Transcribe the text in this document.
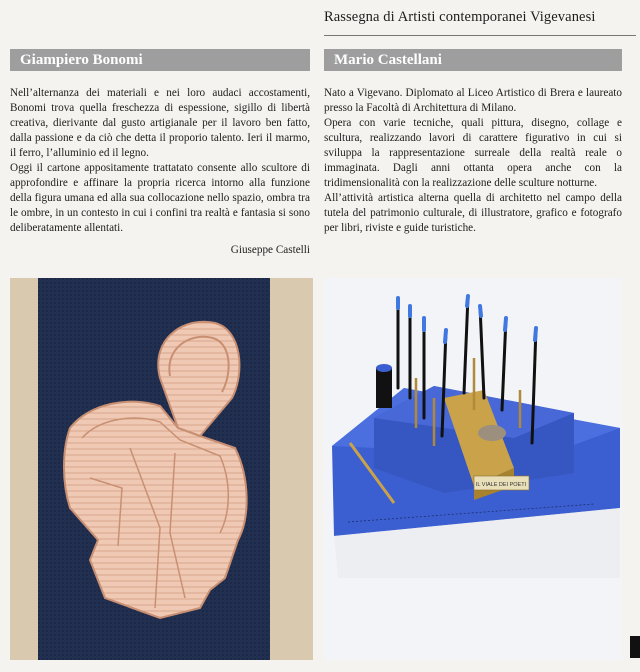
Rassegna di Artisti contemporanei Vigevanesi
Giampiero Bonomi	Mario Castellani

Nell’alternanza dei materiali e nei loro audaci accostamenti, Bonomi trova quella freschezza di espessione, sigillo di libertà creativa, dierivante dal gusto artigianale per il lavoro ben fatto, dalla passione e da ciò che detta il proporio talento. Ieri il marmo, il ferro, l’alluminio ed il legno.

Oggi il cartone appositamente trattatato consente allo scultore di approfondire e affinare la propria ricerca intorno alla funzione della figura umana ed alla sua collocazione nello spazio, ombra tra le ombre, in un contesto in cui i confini tra realtà e fantasia si sono deliberatamente allentati.

Giuseppe Castelli

Nato a Vigevano. Diplomato al Liceo Artistico di Brera e laureato presso la Facoltà di Architettura di Milano.

Opera con varie tecniche, quali pittura, disegno, collage e scultura, realizzando lavori di carattere figurativo in cui si sviluppa la rappresentazione surreale della realtà reale o immaginata. Dagli anni ottanta opera anche con la tridimensionalità con la realizzazione delle sculture notturne.

All’attività artistica alterna quella di architetto nel campo della tutela del patrimonio culturale, di illustratore, grafico e fotografo per libri, riviste e guide turistiche.

IL VIALE DEI POETI
